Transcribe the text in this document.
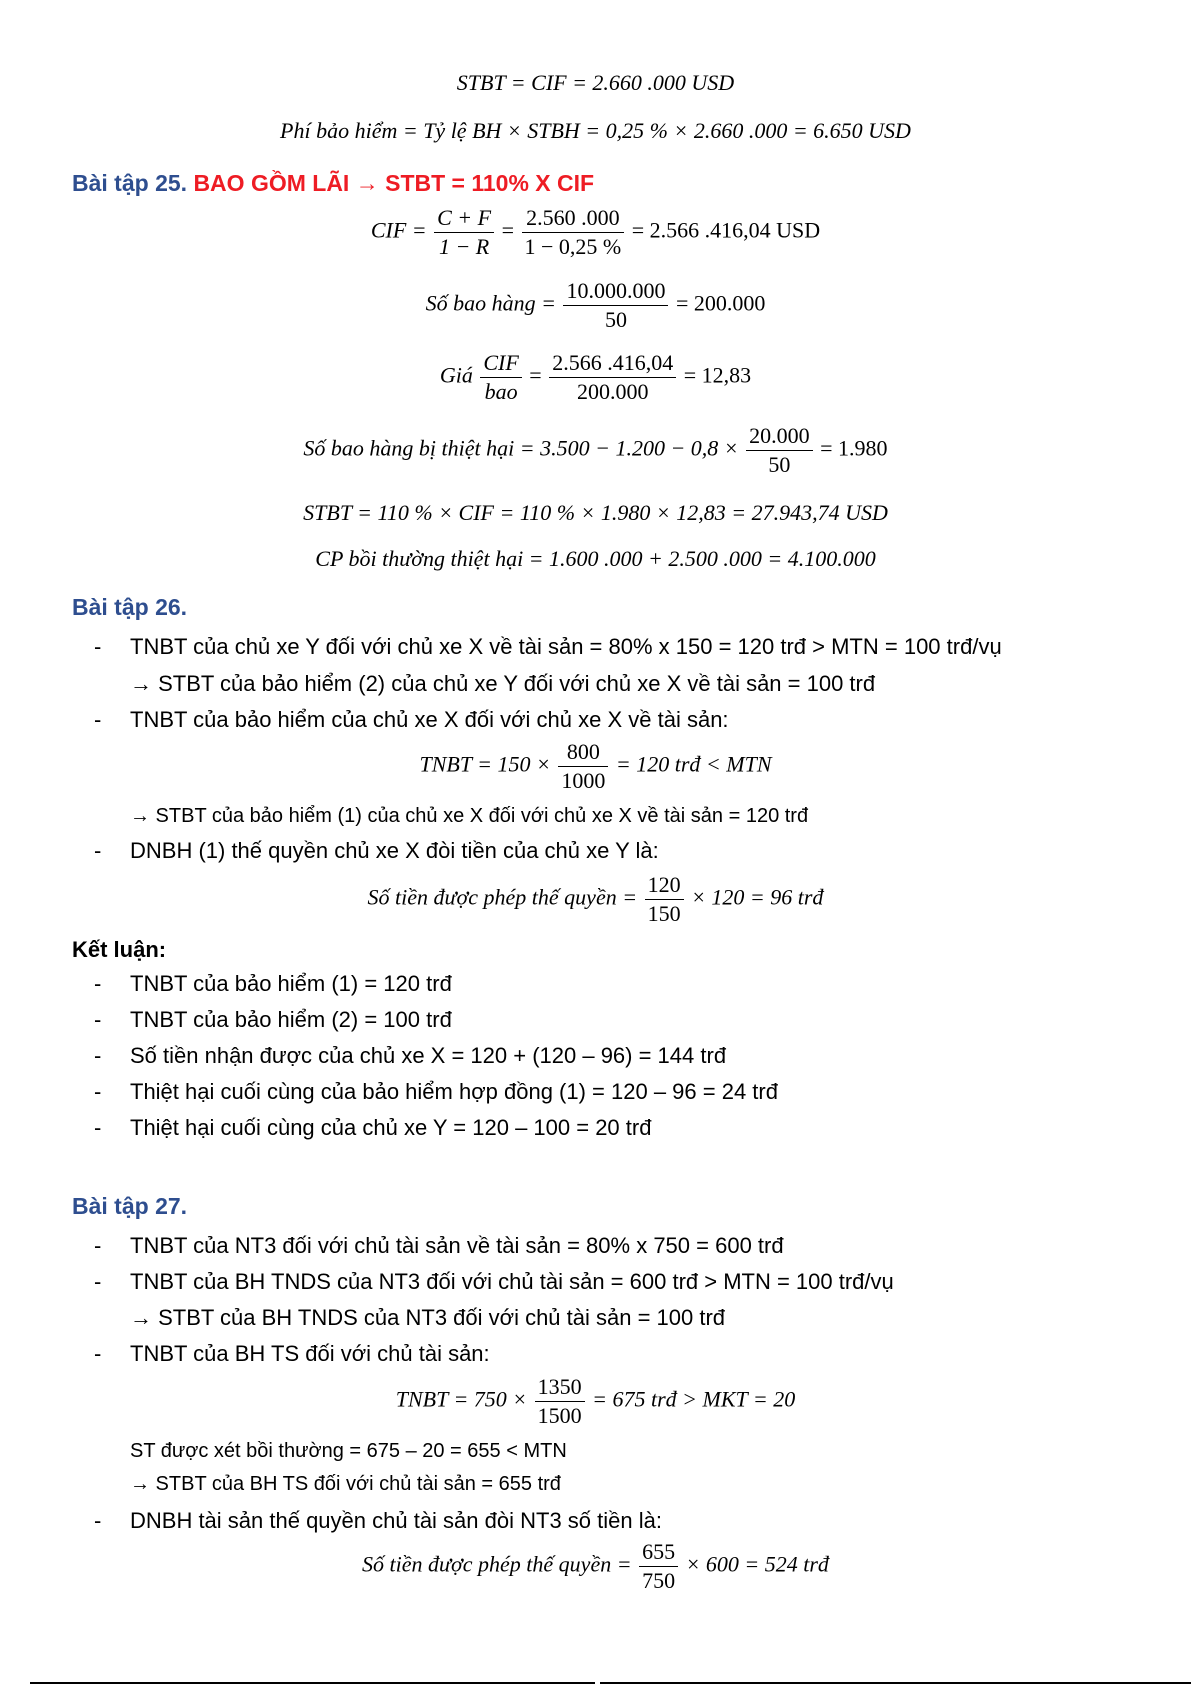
STBT = CIF = 2.660 .000 USD
Phí bảo hiểm = Tỷ lệ BH × STBH = 0,25 % × 2.660 .000 = 6.650 USD
Bài tập 25. BAO GỒM LÃI → STBT = 110% X CIF
CIF = $\frac{C + F}{1 - R} = \frac{2.560 .000}{1 - 0,25 \%} = 2.566$ .416,04 USD
Số bao hàng = $\frac{10.000.000}{50} = 200.000$
Giá $\frac{\text{CIF}}{\text{bao}} = \frac{2.566 .416,04}{200.000} = 12,83$
Số bao hàng bị thiệt hại = $3.500 - 1.200 - 0,8 \times \frac{20.000}{50} = 1.980$
STBT = 110 % × CIF = 110 % × 1.980 × 12,83 = 27.943,74 USD
CP bồi thường thiệt hại = 1.600 .000 + 2.500 .000 = 4.100.000
Bài tập 26.
- TNBT của chủ xe Y đối với chủ xe X về tài sản = 80% x 150 = 120 trđ > MTN = 100 trđ/vụ
→ STBT của bảo hiểm (2) của chủ xe Y đối với chủ xe X về tài sản = 100 trđ
- TNBT của bảo hiểm của chủ xe X đối với chủ xe X về tài sản:
TNBT = $150 \times \frac{800}{1000} = 120$ trđ < MTN
→ STBT của bảo hiểm (1) của chủ xe X đối với chủ xe X về tài sản = 120 trđ
- DNBH (1) thế quyền chủ xe X đòi tiền của chủ xe Y là:
Số tiền được phép thế quyền = $\frac{120}{150} \times 120 = 96$ trđ
Kết luận:
- TNBT của bảo hiểm (1) = 120 trđ
- TNBT của bảo hiểm (2) = 100 trđ
- Số tiền nhận được của chủ xe X = 120 + (120 – 96) = 144 trđ
- Thiệt hại cuối cùng của bảo hiểm hợp đồng (1) = 120 – 96 = 24 trđ
- Thiệt hại cuối cùng của chủ xe Y = 120 – 100 = 20 trđ
Bài tập 27.
- TNBT của NT3 đối với chủ tài sản về tài sản = 80% x 750 = 600 trđ
- TNBT của BH TNDS của NT3 đối với chủ tài sản = 600 trđ > MTN = 100 trđ/vụ
→ STBT của BH TNDS của NT3 đối với chủ tài sản = 100 trđ
- TNBT của BH TS đối với chủ tài sản:
TNBT = $750 \times \frac{1350}{1500} = 675$ trđ > MKT = 20
ST được xét bồi thường = 675 – 20 = 655 < MTN
→ STBT của BH TS đối với chủ tài sản = 655 trđ
- DNBH tài sản thế quyền chủ tài sản đòi NT3 số tiền là:
Số tiền được phép thế quyền = $\frac{655}{750} \times 600 = 524$ trđ
